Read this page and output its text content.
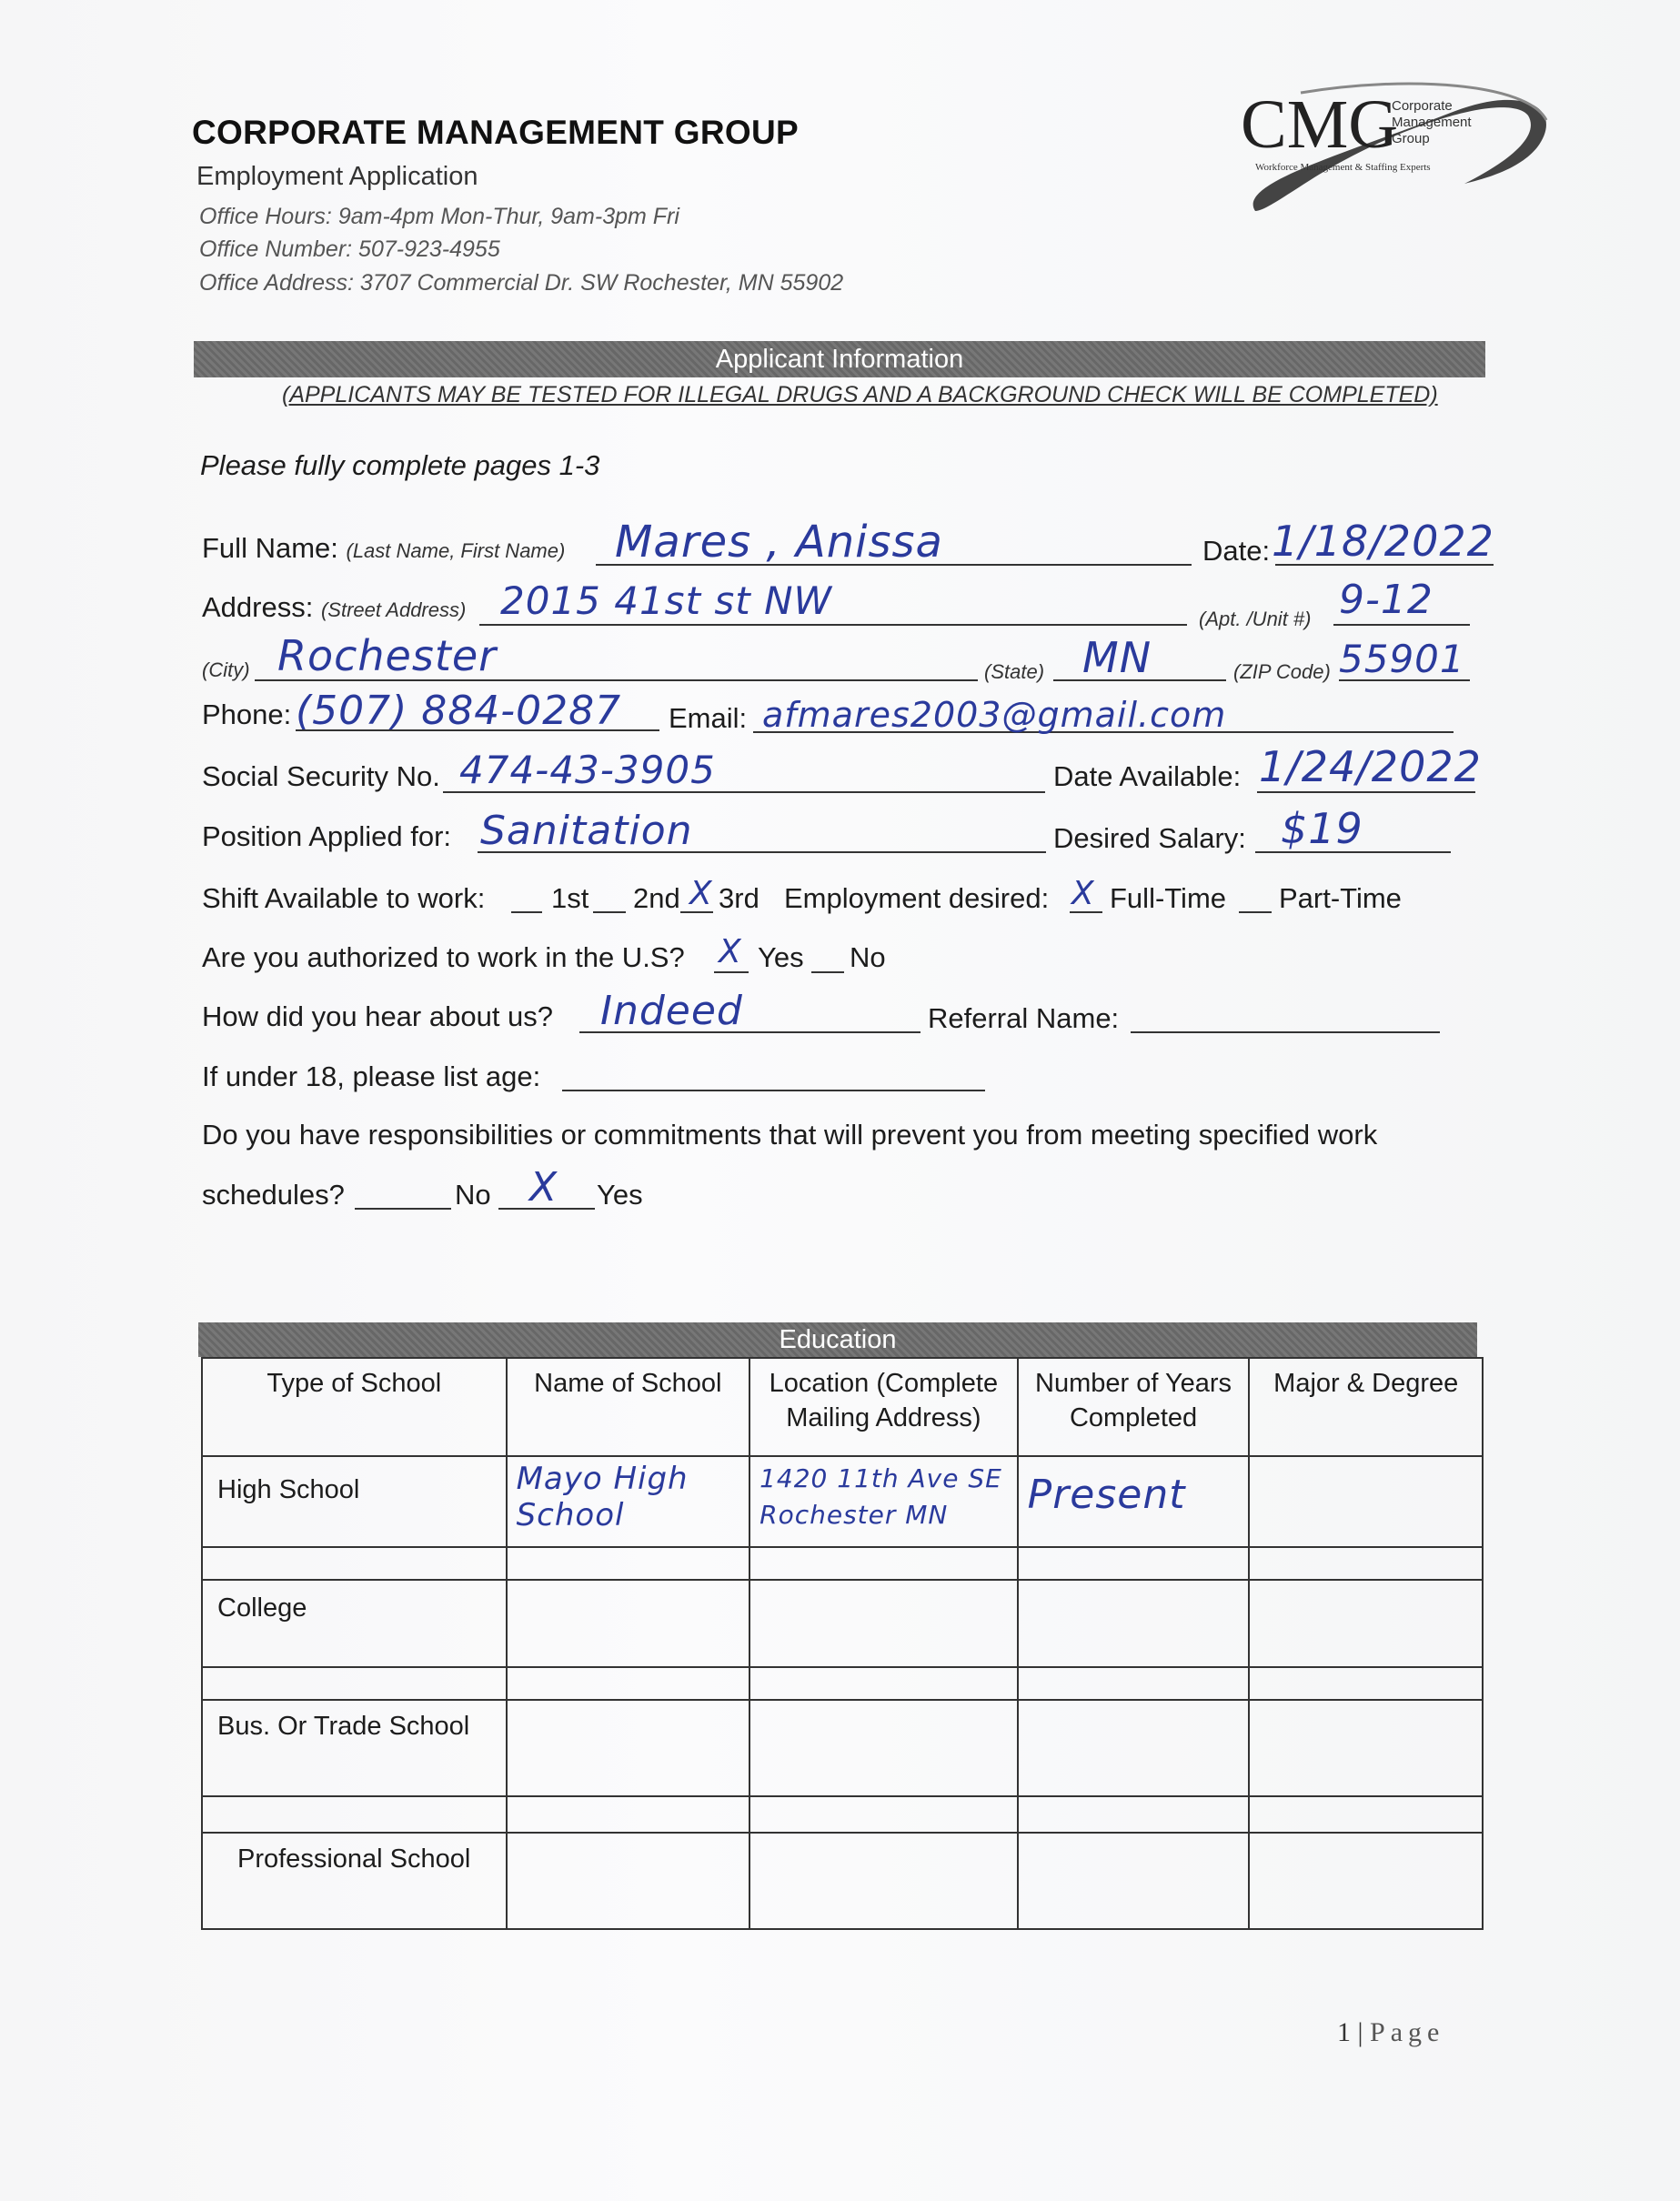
CORPORATE MANAGEMENT GROUP
Employment Application
Office Hours: 9am-4pm Mon-Thur, 9am-3pm Fri
Office Number: 507-923-4955
Office Address: 3707 Commercial Dr. SW Rochester, MN 55902
CMG
Corporate
Management
Group
Workforce Management & Staffing Experts
Applicant Information
(APPLICANTS MAY BE TESTED FOR ILLEGAL DRUGS AND A BACKGROUND CHECK WILL BE COMPLETED)
Please fully complete pages 1-3
Full Name: (Last Name, First Name) Mares , Anissa	Date: 1/18/2022
Address: (Street Address) 2015 41st st NW	(Apt. /Unit #) 9-12
(City) Rochester	(State) MN	(ZIP Code) 55901
Phone: (507) 884-0287 Email: afmares2003@gmail.com
Social Security No. 474-43-3905	Date Available: 1/24/2022
Position Applied for: Sanitation	Desired Salary: $19
Shift Available to work: 1st 2nd X 3rd Employment desired: X Full-Time Part-Time
Are you authorized to work in the U.S? X Yes No
How did you hear about us? Indeed	Referral Name:
If under 18, please list age:
Do you have responsibilities or commitments that will prevent you from meeting specified work
schedules?	No X Yes
Education
Type of School	Name of School	Location (Complete Mailing Address)	Number of Years Completed	Major & Degree
High School	Mayo High School	1420 11th Ave SE Rochester MN	Present	

College				

Bus. Or Trade School				

Professional School				
1 | Page
